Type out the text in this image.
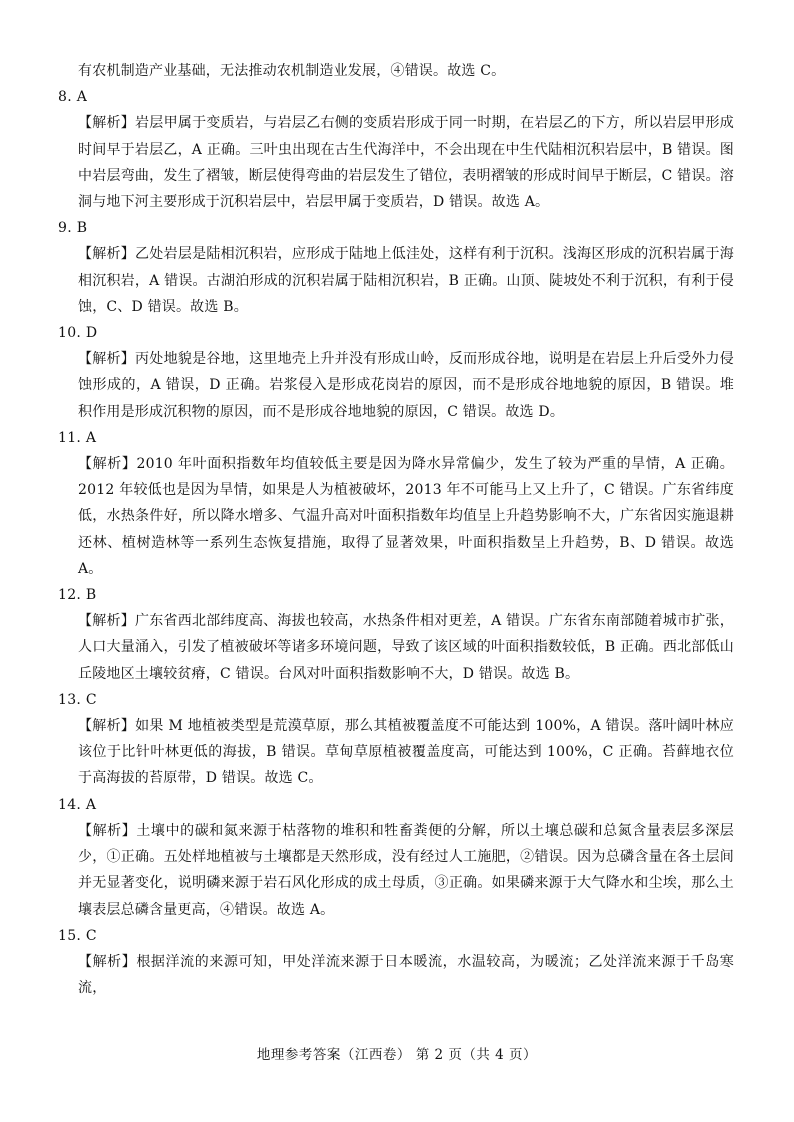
有农机制造产业基础，无法推动农机制造业发展，④错误。故选 C。

8. A

【解析】岩层甲属于变质岩，与岩层乙右侧的变质岩形成于同一时期，在岩层乙的下方，所以岩层甲形成时间早于岩层乙，A 正确。三叶虫出现在古生代海洋中，不会出现在中生代陆相沉积岩层中，B 错误。图中岩层弯曲，发生了褶皱，断层使得弯曲的岩层发生了错位，表明褶皱的形成时间早于断层，C 错误。溶洞与地下河主要形成于沉积岩层中，岩层甲属于变质岩，D 错误。故选 A。

9. B

【解析】乙处岩层是陆相沉积岩，应形成于陆地上低洼处，这样有利于沉积。浅海区形成的沉积岩属于海相沉积岩，A 错误。古湖泊形成的沉积岩属于陆相沉积岩，B 正确。山顶、陡坡处不利于沉积，有利于侵蚀，C、D 错误。故选 B。

10. D

【解析】丙处地貌是谷地，这里地壳上升并没有形成山岭，反而形成谷地，说明是在岩层上升后受外力侵蚀形成的，A 错误，D 正确。岩浆侵入是形成花岗岩的原因，而不是形成谷地地貌的原因，B 错误。堆积作用是形成沉积物的原因，而不是形成谷地地貌的原因，C 错误。故选 D。

11. A

【解析】2010 年叶面积指数年均值较低主要是因为降水异常偏少，发生了较为严重的旱情，A 正确。2012 年较低也是因为旱情，如果是人为植被破坏，2013 年不可能马上又上升了，C 错误。广东省纬度低，水热条件好，所以降水增多、气温升高对叶面积指数年均值呈上升趋势影响不大，广东省因实施退耕还林、植树造林等一系列生态恢复措施，取得了显著效果，叶面积指数呈上升趋势，B、D 错误。故选 A。

12. B

【解析】广东省西北部纬度高、海拔也较高，水热条件相对更差，A 错误。广东省东南部随着城市扩张，人口大量涌入，引发了植被破坏等诸多环境问题，导致了该区域的叶面积指数较低，B 正确。西北部低山丘陵地区土壤较贫瘠，C 错误。台风对叶面积指数影响不大，D 错误。故选 B。

13. C

【解析】如果 M 地植被类型是荒漠草原，那么其植被覆盖度不可能达到 100%，A 错误。落叶阔叶林应该位于比针叶林更低的海拔，B 错误。草甸草原植被覆盖度高，可能达到 100%，C 正确。苔藓地衣位于高海拔的苔原带，D 错误。故选 C。

14. A

【解析】土壤中的碳和氮来源于枯落物的堆积和牲畜粪便的分解，所以土壤总碳和总氮含量表层多深层少，①正确。五处样地植被与土壤都是天然形成，没有经过人工施肥，②错误。因为总磷含量在各土层间并无显著变化，说明磷来源于岩石风化形成的成土母质，③正确。如果磷来源于大气降水和尘埃，那么土壤表层总磷含量更高，④错误。故选 A。

15. C

【解析】根据洋流的来源可知，甲处洋流来源于日本暖流，水温较高，为暖流；乙处洋流来源于千岛寒流，

地理参考答案（江西卷） 第 2 页（共 4 页）
